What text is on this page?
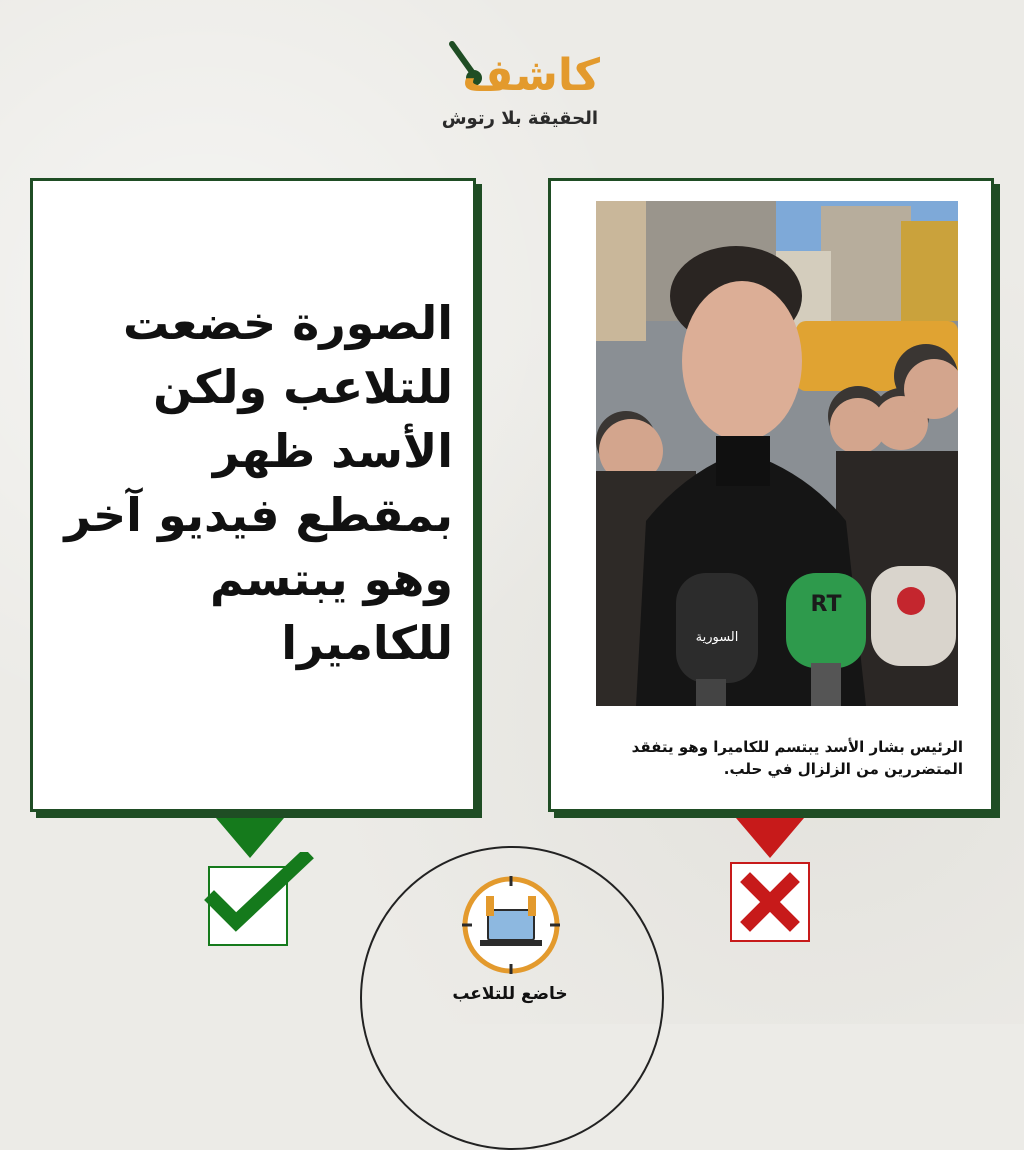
كاشف
الحقيقة بلا رتوش
الصورة خضعت للتلاعب ولكن الأسد ظهر بمقطع فيديو آخر وهو يبتسم للكاميرا	السورية
RT
الرئيس بشار الأسد يبتسم للكاميرا وهو يتفقد المتضررين من الزلزال في حلب.
خاضع للتلاعب
